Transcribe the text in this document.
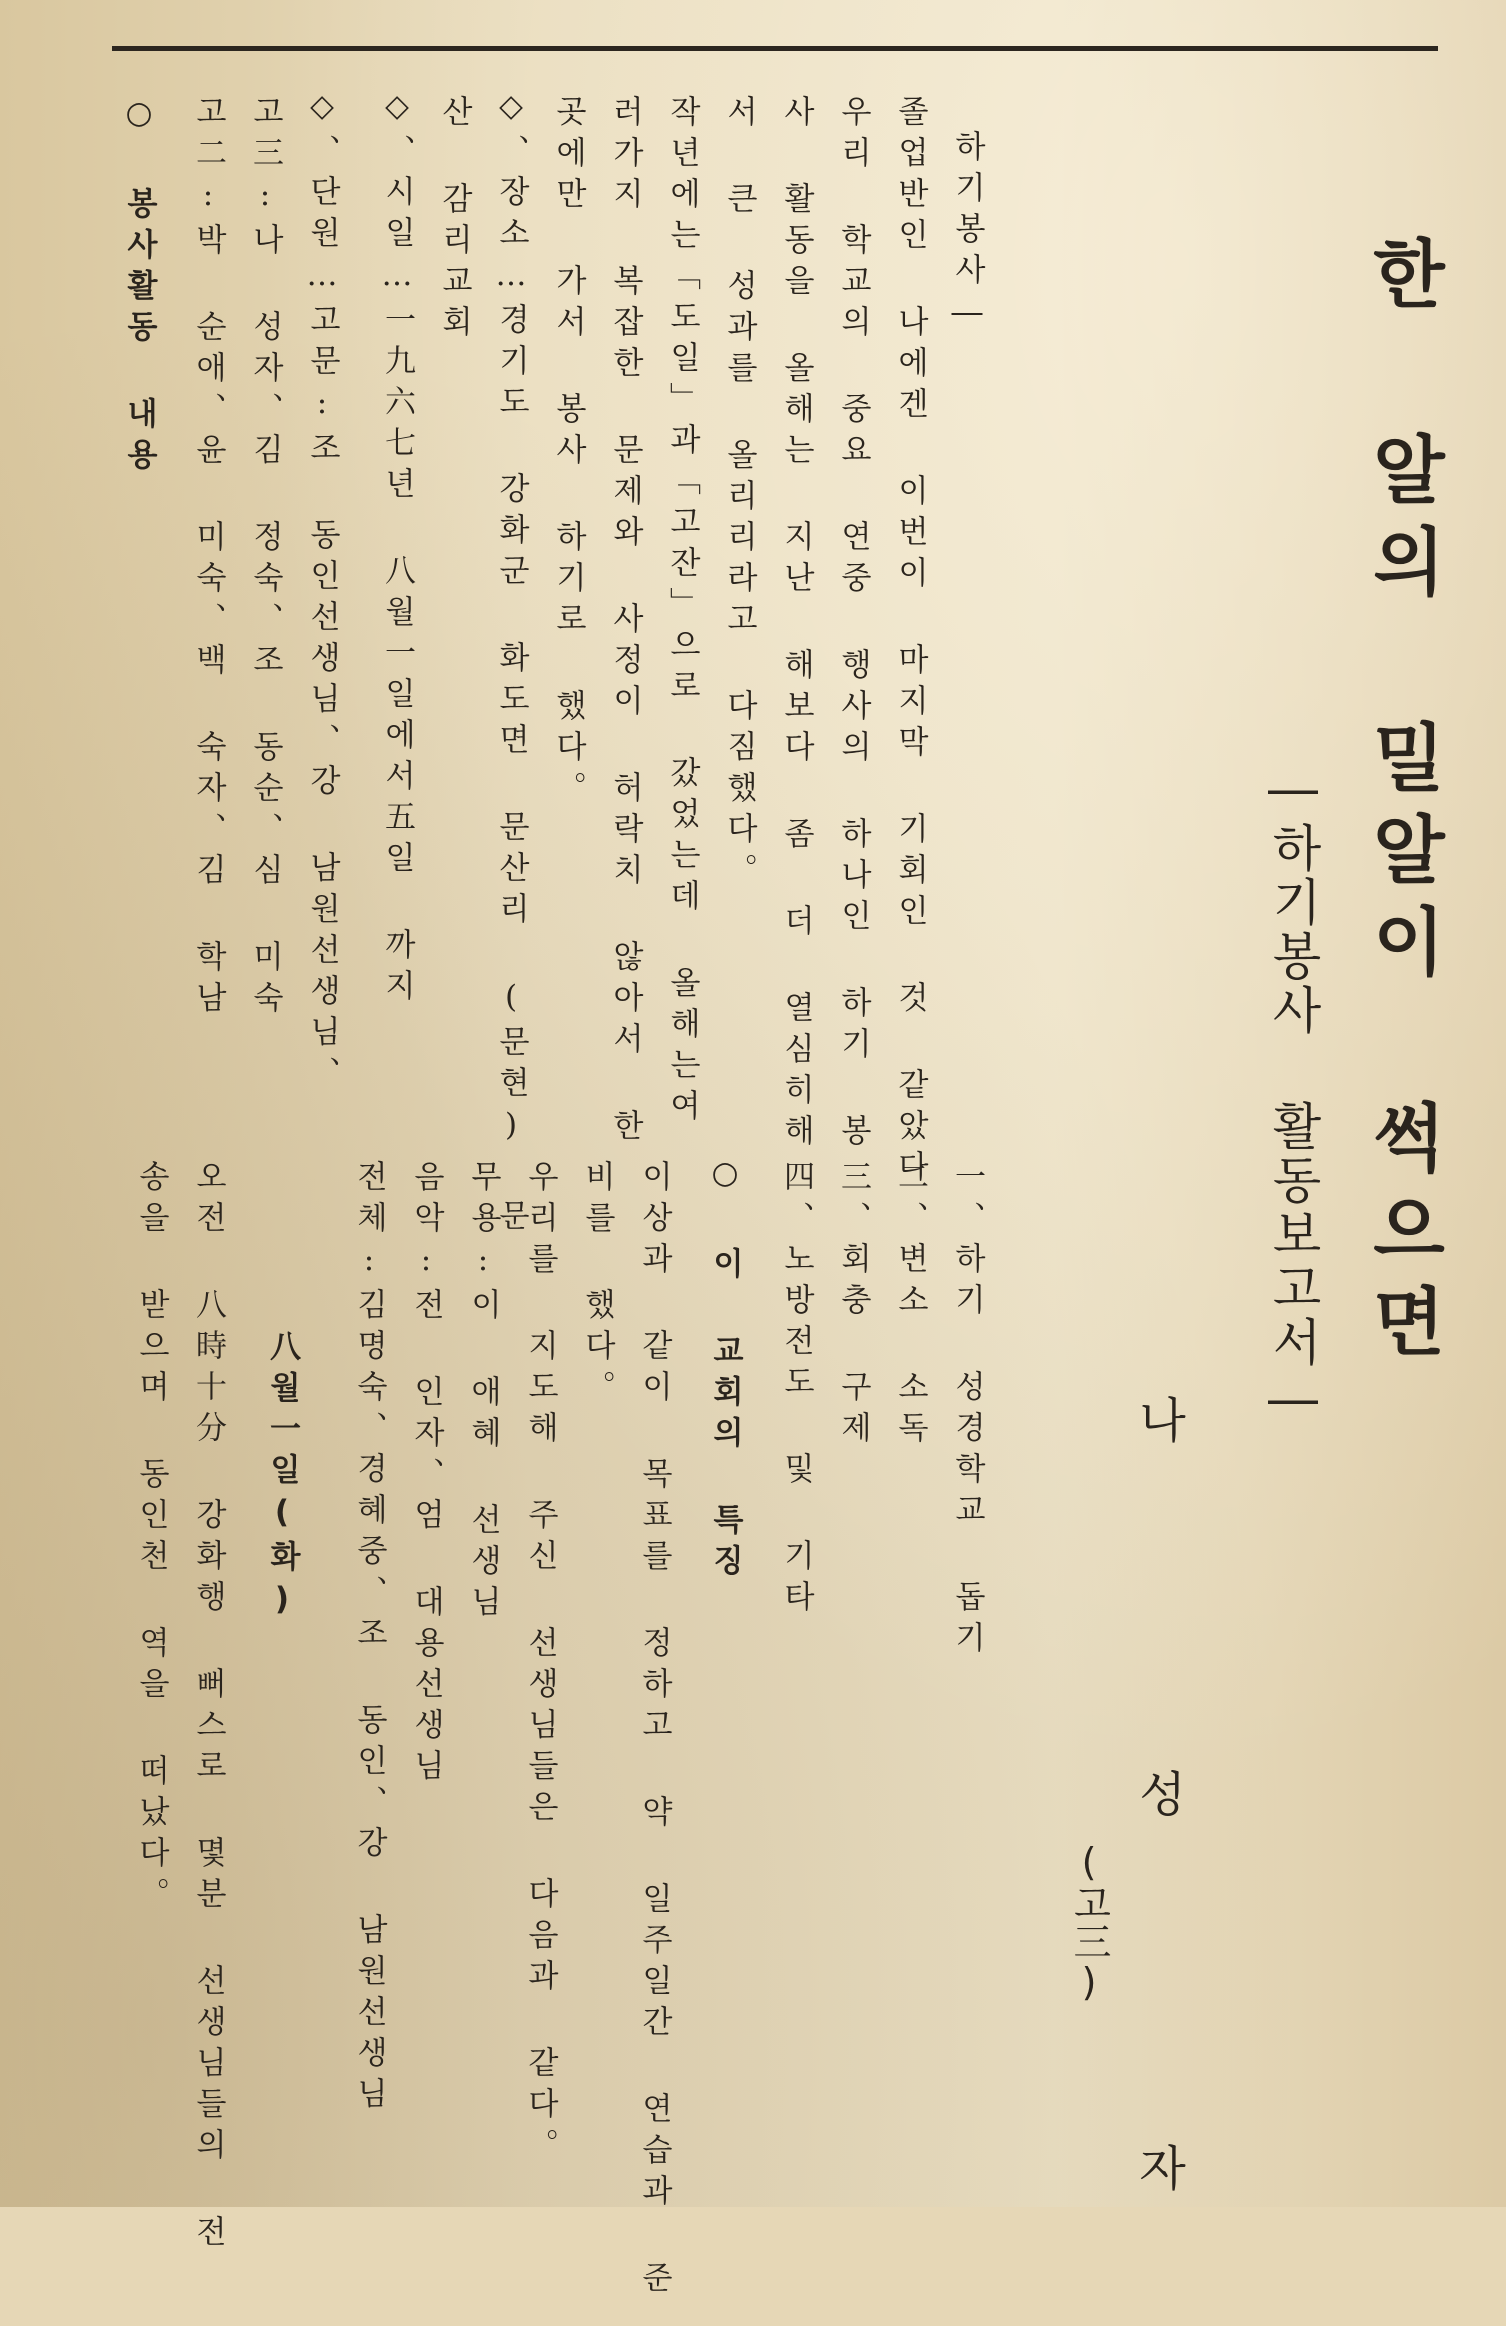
한 알의 밀알이 썩으면
―하기봉사 활동보고서―
나 성 자
(고三)
하기봉사―
졸업반인 나에겐 이번이 마지막 기회인 것 같았다
우리 학교의 중요 연중 행사의 하나인 하기 봉
사 활동을 올해는 지난 해보다 좀 더 열심히해
서 큰 성과를 올리리라고 다짐했다。
작년에는「도일」과「고잔」으로 갔었는데 올해는여
러가지 복잡한 문제와 사정이 허락치 않아서 한
곳에만 가서 봉사 하기로 했다。
◇、장소…경기도 강화군 화도면 문산리 (문현) 문
산 감리교회
◇、시일…一九六七년 八월一일에서五일 까지
◇、단원…고문:조 동인선생님、강 남원선생님、
고三:나 성자、김 정숙、조 동순、심 미숙
고二:박 순애、윤 미숙、백 숙자、김 학남
○ 봉사활동 내용
一、하기 성경학교 돕기
二、변소 소독
三、회충 구제
四、노방전도 및 기타
○ 이 교회의 특징
이상과 같이 목표를 정하고 약 일주일간 연습과 준
비를 했다。
우리를 지도해 주신 선생님들은 다음과 같다。
무용:이 애혜 선생님
음악:전 인자、엄 대용선생님
전체:김명숙、경혜중、조 동인、강 남원선생님
八월一일(화)
오전 八時十分 강화행 뻐스로 몇분 선생님들의 전
송을 받으며 동인천 역을 떠났다。
